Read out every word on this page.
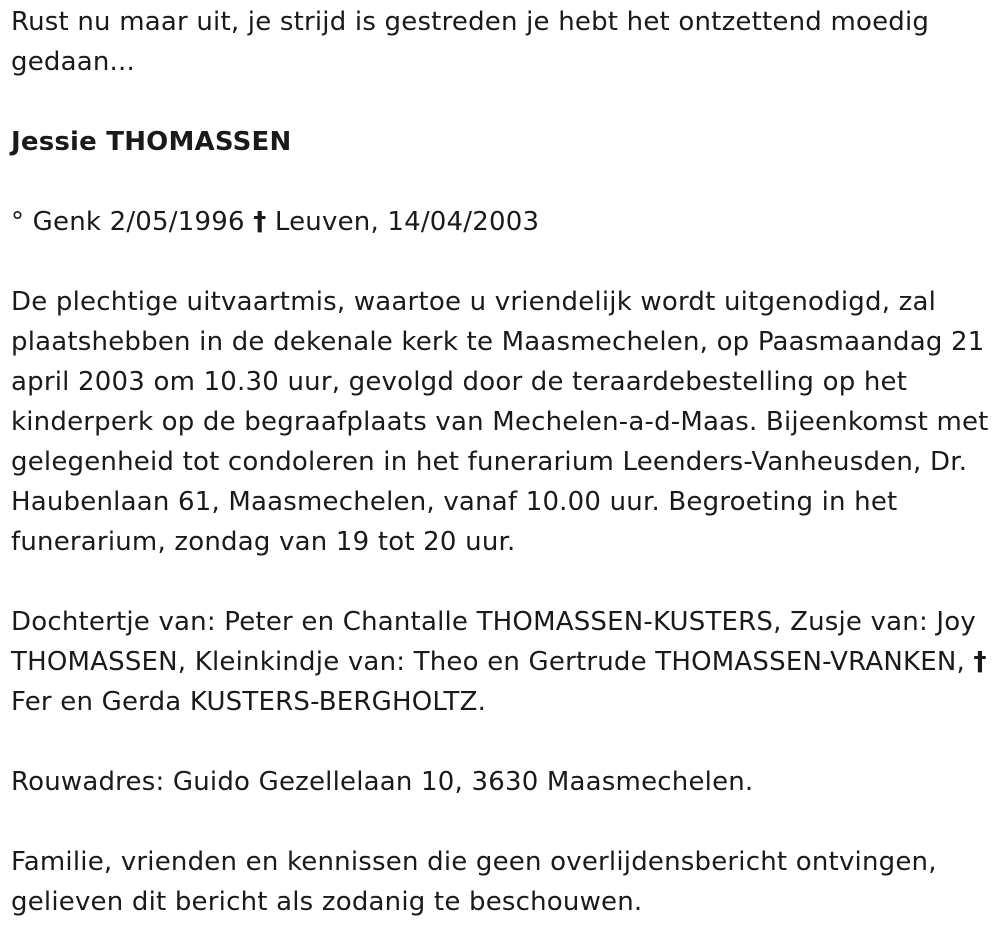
Rust nu maar uit, je strijd is gestreden je hebt het ontzettend moedig gedaan...

Jessie THOMASSEN

° Genk 2/05/1996 † Leuven, 14/04/2003

De plechtige uitvaartmis, waartoe u vriendelijk wordt uitgenodigd, zal plaatshebben in de dekenale kerk te Maasmechelen, op Paasmaandag 21 april 2003 om 10.30 uur, gevolgd door de teraardebestelling op het kinderperk op de begraafplaats van Mechelen-a-d-Maas. Bijeenkomst met gelegenheid tot condoleren in het funerarium Leenders-Vanheusden, Dr. Haubenlaan 61, Maasmechelen, vanaf 10.00 uur. Begroeting in het funerarium, zondag van 19 tot 20 uur.

Dochtertje van: Peter en Chantalle THOMASSEN-KUSTERS, Zusje van: Joy THOMASSEN, Kleinkindje van: Theo en Gertrude THOMASSEN-VRANKEN, † Fer en Gerda KUSTERS-BERGHOLTZ.

Rouwadres: Guido Gezellelaan 10, 3630 Maasmechelen.

Familie, vrienden en kennissen die geen overlijdensbericht ontvingen, gelieven dit bericht als zodanig te beschouwen.
